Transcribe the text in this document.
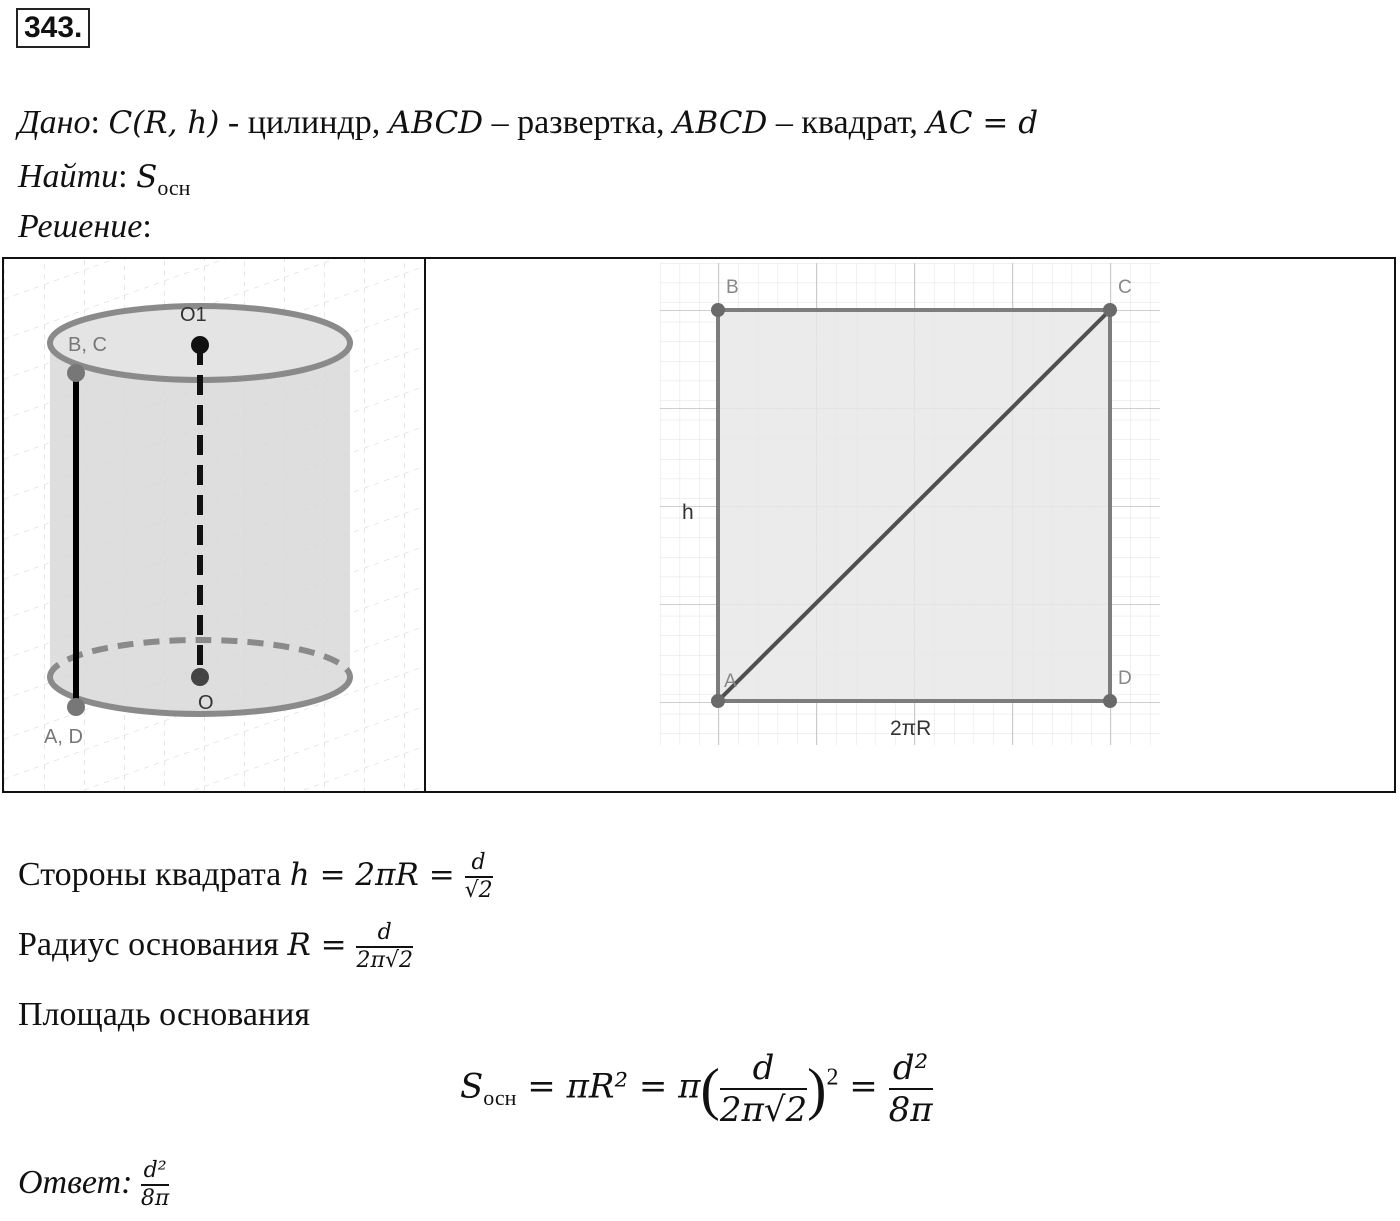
343.
Дано: C(R, h) - цилиндр, ABCD – развертка, ABCD – квадрат, AC = d
Найти: $S_{осн}$
Решение:
O1
O
B, C
A, D
B	C
A	D
h
2πR
Стороны квадрата $h = 2\pi R = \frac{d}{√2}$
Радиус основания $R = \frac{d}{2\pi√2}$
Площадь основания
$S_{осн} = \pi R^2 = \pi( \frac{d}{2\pi√2} )^2 = \frac{\text{d²}}{8\pi}$
Ответ: $\frac{\text{d²}}{8\pi}$
